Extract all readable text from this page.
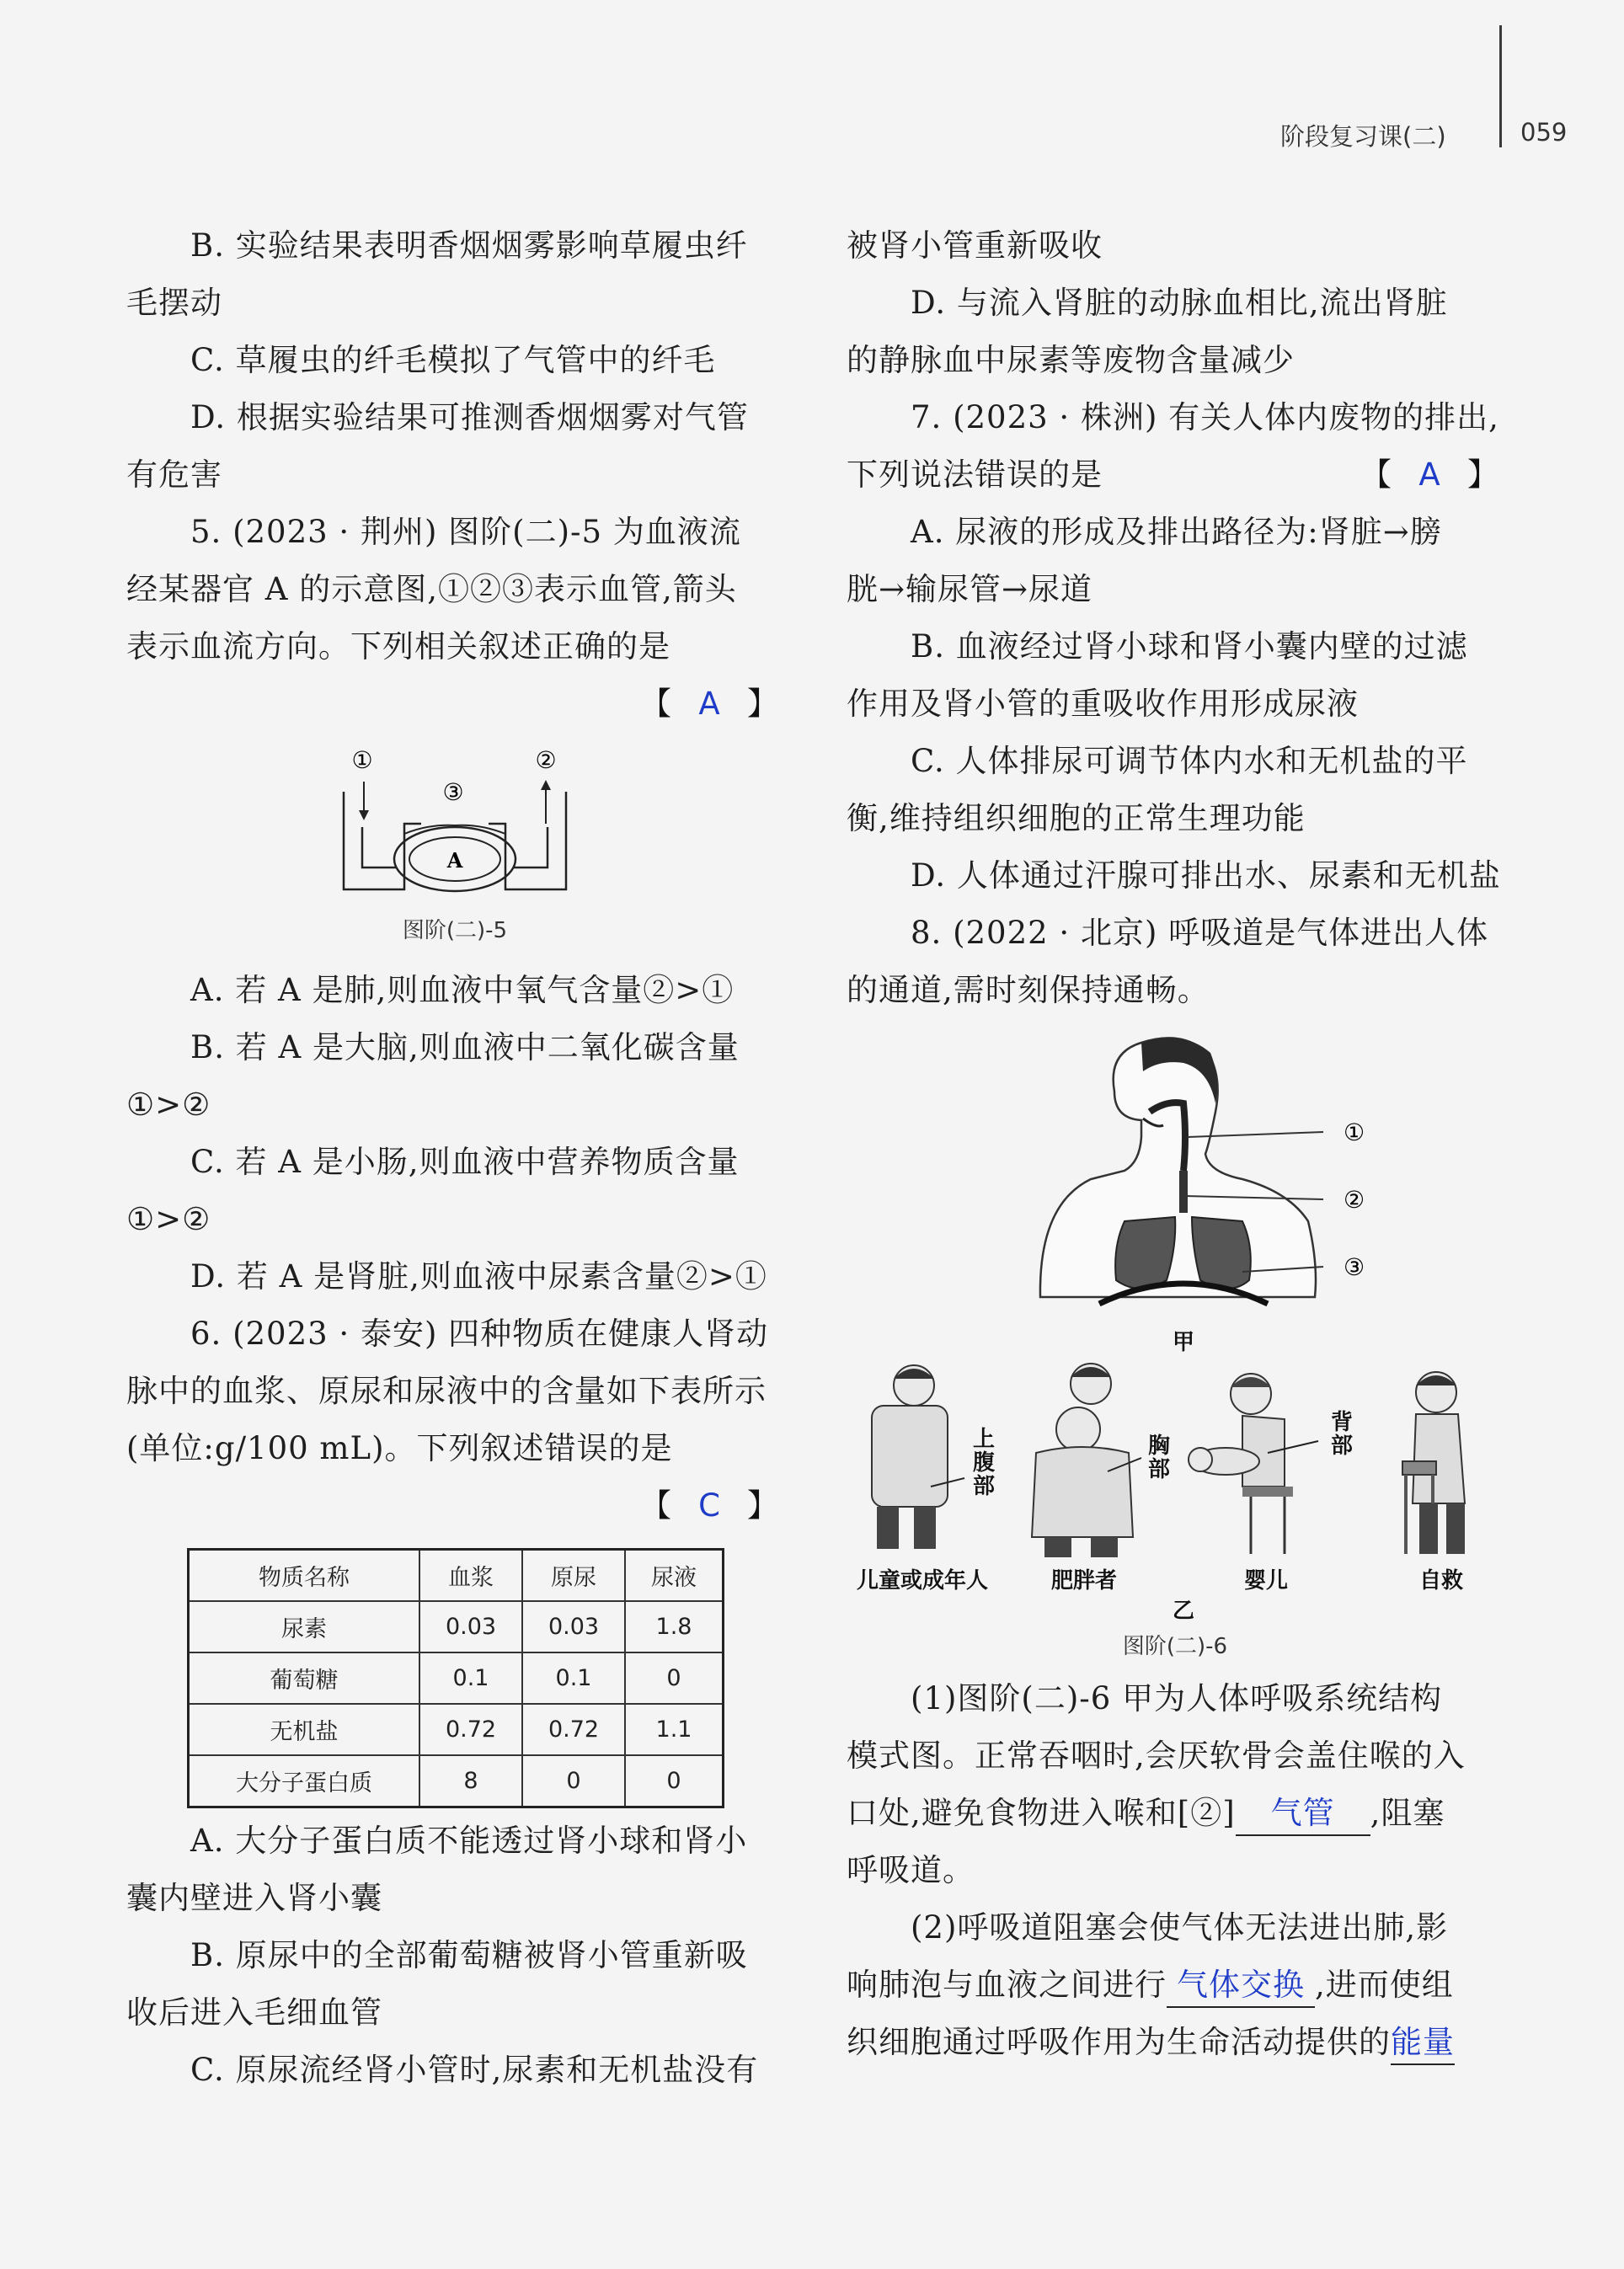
阶段复习课(二)	059
B. 实验结果表明香烟烟雾影响草履虫纤
毛摆动
C. 草履虫的纤毛模拟了气管中的纤毛
D. 根据实验结果可推测香烟烟雾对气管
有危害
5. (2023 · 荆州) 图阶(二)-5 为血液流
经某器官 A 的示意图,①②③表示血管,箭头
表示血流方向。下列相关叙述正确的是
【 A 】
①	②
③
A
图阶(二)-5
A. 若 A 是肺,则血液中氧气含量②>①
B. 若 A 是大脑,则血液中二氧化碳含量
①>②
C. 若 A 是小肠,则血液中营养物质含量
①>②
D. 若 A 是肾脏,则血液中尿素含量②>①
6. (2023 · 泰安) 四种物质在健康人肾动
脉中的血浆、原尿和尿液中的含量如下表所示
(单位:g/100 mL)。下列叙述错误的是
【 C 】
物质名称	血浆	原尿	尿液
尿素	0.03	0.03	1.8
葡萄糖	0.1	0.1	0
无机盐	0.72	0.72	1.1
大分子蛋白质	8	0	0
A. 大分子蛋白质不能透过肾小球和肾小
囊内壁进入肾小囊
B. 原尿中的全部葡萄糖被肾小管重新吸
收后进入毛细血管
C. 原尿流经肾小管时,尿素和无机盐没有
被肾小管重新吸收
D. 与流入肾脏的动脉血相比,流出肾脏
的静脉血中尿素等废物含量减少
7. (2023 · 株洲) 有关人体内废物的排出,
下列说法错误的是	【 A 】
A. 尿液的形成及排出路径为:肾脏→膀
胱→输尿管→尿道
B. 血液经过肾小球和肾小囊内壁的过滤
作用及肾小管的重吸收作用形成尿液
C. 人体排尿可调节体内水和无机盐的平
衡,维持组织细胞的正常生理功能
D. 人体通过汗腺可排出水、尿素和无机盐
8. (2022 · 北京) 呼吸道是气体进出人体
的通道,需时刻保持通畅。
①
②
③
甲
上
腹
部
胸
部
背
部
儿童或成年人	肥胖者	婴儿	自救
乙
图阶(二)-6
(1)图阶(二)-6 甲为人体呼吸系统结构
模式图。正常吞咽时,会厌软骨会盖住喉的入
口处,避免食物进入喉和[②] 气管 ,阻塞
呼吸道。
(2)呼吸道阻塞会使气体无法进出肺,影
响肺泡与血液之间进行 气体交换 ,进而使组
织细胞通过呼吸作用为生命活动提供的能量
